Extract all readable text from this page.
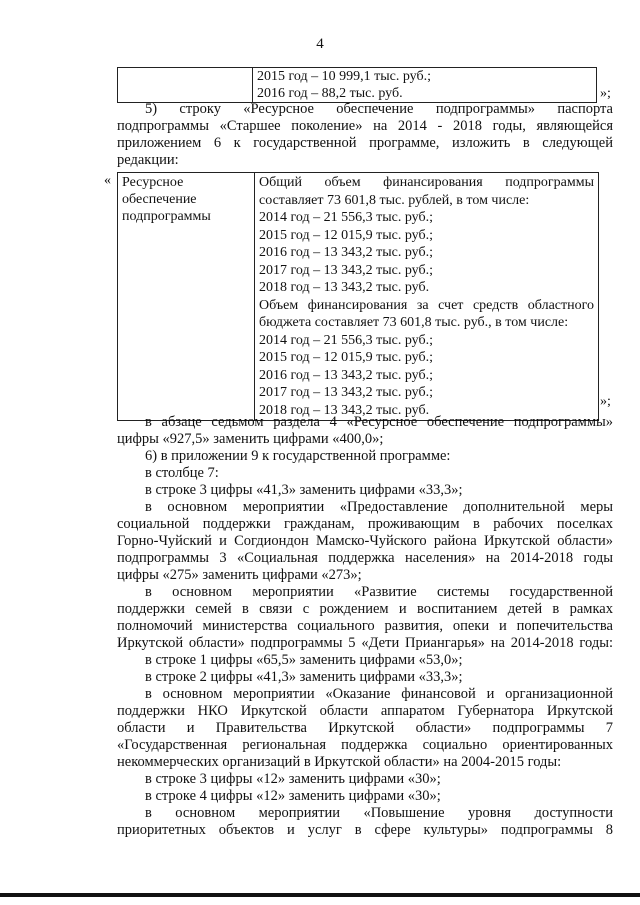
4

2015 год – 10 999,1 тыс. руб.;
2016 год – 88,2 тыс. руб.	»;
5) строку «Ресурсное обеспечение подпрограммы» паспорта
подпрограммы «Старшее поколение» на 2014 - 2018 годы, являющейся
приложением 6 к государственной программе, изложить в следующей
редакции:
« Ресурсное
обеспечение
подпрограммы

Общий объем финансирования подпрограммы
составляет 73 601,8 тыс. рублей, в том числе:
2014 год – 21 556,3 тыс. руб.;
2015 год – 12 015,9 тыс. руб.;
2016 год – 13 343,2 тыс. руб.;
2017 год – 13 343,2 тыс. руб.;
2018 год – 13 343,2 тыс. руб.
Объем финансирования за счет средств областного
бюджета составляет 73 601,8 тыс. руб., в том числе:
2014 год – 21 556,3 тыс. руб.;
2015 год – 12 015,9 тыс. руб.;
2016 год – 13 343,2 тыс. руб.;
2017 год – 13 343,2 тыс. руб.;
2018 год – 13 343,2 тыс. руб.
»;
в абзаце седьмом раздела 4 «Ресурсное обеспечение подпрограммы»
цифры «927,5» заменить цифрами «400,0»;
6) в приложении 9 к государственной программе:
в столбце 7:
в строке 3 цифры «41,3» заменить цифрами «33,3»;
в основном мероприятии «Предоставление дополнительной меры
социальной поддержки гражданам, проживающим в рабочих поселках
Горно-Чуйский и Согдиондон Мамско-Чуйского района Иркутской области»
подпрограммы 3 «Социальная поддержка населения» на 2014-2018 годы
цифры «275» заменить цифрами «273»;
в основном мероприятии «Развитие системы государственной
поддержки семей в связи с рождением и воспитанием детей в рамках
полномочий министерства социального развития, опеки и попечительства
Иркутской области» подпрограммы 5 «Дети Приангарья» на 2014-2018 годы:
в строке 1 цифры «65,5» заменить цифрами «53,0»;
в строке 2 цифры «41,3» заменить цифрами «33,3»;
в основном мероприятии «Оказание финансовой и организационной
поддержки НКО Иркутской области аппаратом Губернатора Иркутской
области и Правительства Иркутской области» подпрограммы 7
«Государственная региональная поддержка социально ориентированных
некоммерческих организаций в Иркутской области» на 2004-2015 годы:
в строке 3 цифры «12» заменить цифрами «30»;
в строке 4 цифры «12» заменить цифрами «30»;
в основном мероприятии «Повышение уровня доступности
приоритетных объектов и услуг в сфере культуры» подпрограммы 8
